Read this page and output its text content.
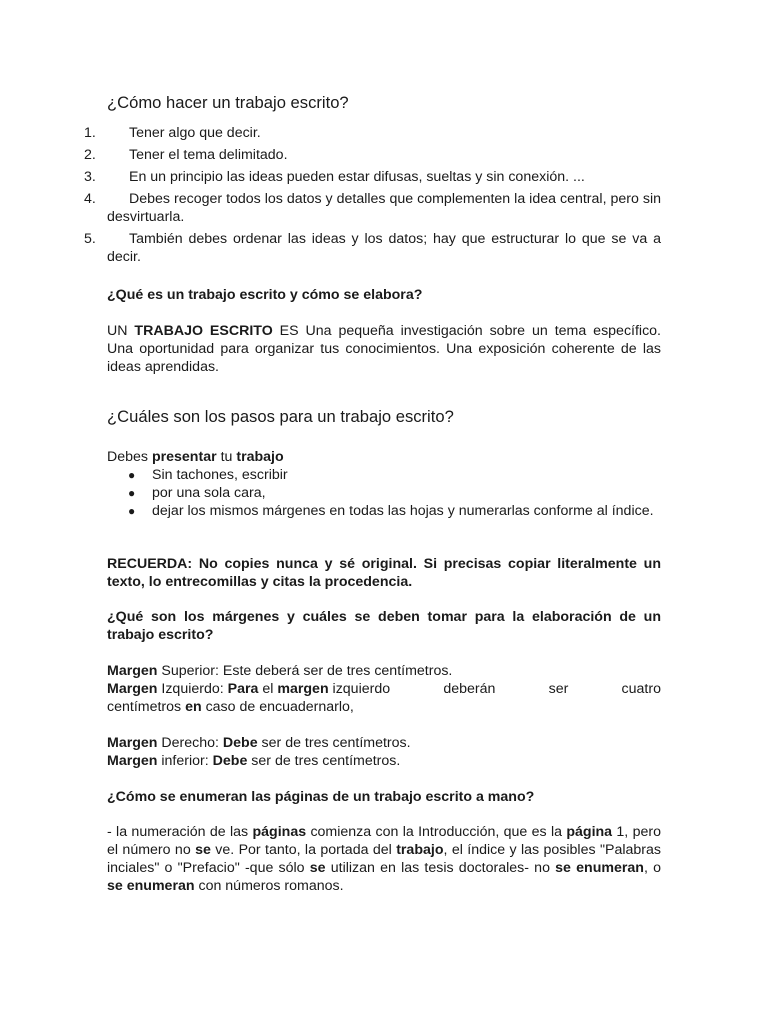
¿Cómo hacer un trabajo escrito?
1.	Tener algo que decir.
2.	Tener el tema delimitado.
3.	En un principio las ideas pueden estar difusas, sueltas y sin conexión. ...
4.	Debes recoger todos los datos y detalles que complementen la idea central, pero sin desvirtuarla.
5.	También debes ordenar las ideas y los datos; hay que estructurar lo que se va a decir.
¿Qué es un trabajo escrito y cómo se elabora?
UN TRABAJO ESCRITO ES Una pequeña investigación sobre un tema específico. Una oportunidad para organizar tus conocimientos. Una exposición coherente de las ideas aprendidas.
¿Cuáles son los pasos para un trabajo escrito?
Debes presentar tu trabajo
● Sin tachones, escribir
● por una sola cara,
● dejar los mismos márgenes en todas las hojas y numerarlas conforme al índice.
RECUERDA: No copies nunca y sé original. Si precisas copiar literalmente un texto, lo entrecomillas y citas la procedencia.
¿Qué son los márgenes y cuáles se deben tomar para la elaboración de un trabajo escrito?
Margen Superior: Este deberá ser de tres centímetros.
Margen Izquierdo: Para el margen izquierdo	deberán	ser	cuatro
centímetros en caso de encuadernarlo,
Margen Derecho: Debe ser de tres centímetros.
Margen inferior: Debe ser de tres centímetros.
¿Cómo se enumeran las páginas de un trabajo escrito a mano?
- la numeración de las páginas comienza con la Introducción, que es la página 1, pero el número no se ve. Por tanto, la portada del trabajo, el índice y las posibles "Palabras inciales" o "Prefacio" -que sólo se utilizan en las tesis doctorales- no se enumeran, o se enumeran con números romanos.
